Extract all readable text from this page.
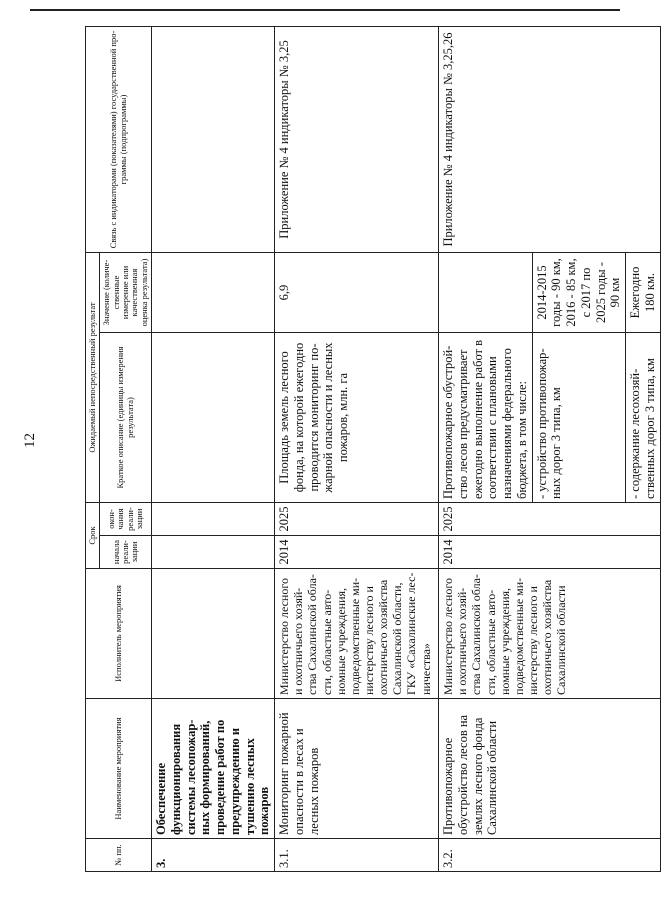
12
№ пп.	Наименование мероприятия	Исполнитель мероприятия	Срок		Ожидаемый непосредственный результат		Связь с индикаторами (показателями) государственной программы (подпрограммы)
			начала реализации	окончания реализации	Краткое описание (единицы измерения результата)	Значение (количественные измерение или качественная оценка результата)	
3.	Обеспечение функционирования системы лесопожарных формирований, проведение работ по предупреждению и тушению лесных пожаров						
3.1.	Мониторинг пожарной опасности в лесах и лесных пожаров	Министерство лесного и охотничьего хозяйства Сахалинской области, областные автономные учреждения, подведомственные министерству лесного и охотничьего хозяйства Сахалинской области, ГКУ «Сахалинские лесничества»	2014	2025	Площадь земель лесного фонда, на которой ежегодно проводится мониторинг пожарной опасности и лесных пожаров, млн. га	6,9	Приложение № 4 индикаторы № 3,25
3.2.	Противопожарное обустройство лесов на землях лесного фонда Сахалинской области	Министерство лесного и охотничьего хозяйства Сахалинской области, областные автономные учреждения, подведомственные министерству лесного и охотничьего хозяйства Сахалинской области	2014	2025	Противопожарное обустройство лесов предусматривает ежегодно выполнение работ в соответствии с плановыми назначениями федерального бюджета, в том числе:		Приложение № 4 индикаторы № 3,25,26
					- устройство противопожарных дорог 3 типа, км	2014-2015 годы - 90 км, 2016 - 85 км, с 2017 по 2025 годы - 90 км	
					- содержание лесохозяйственных дорог 3 типа, км	Ежегодно 180 км.	
